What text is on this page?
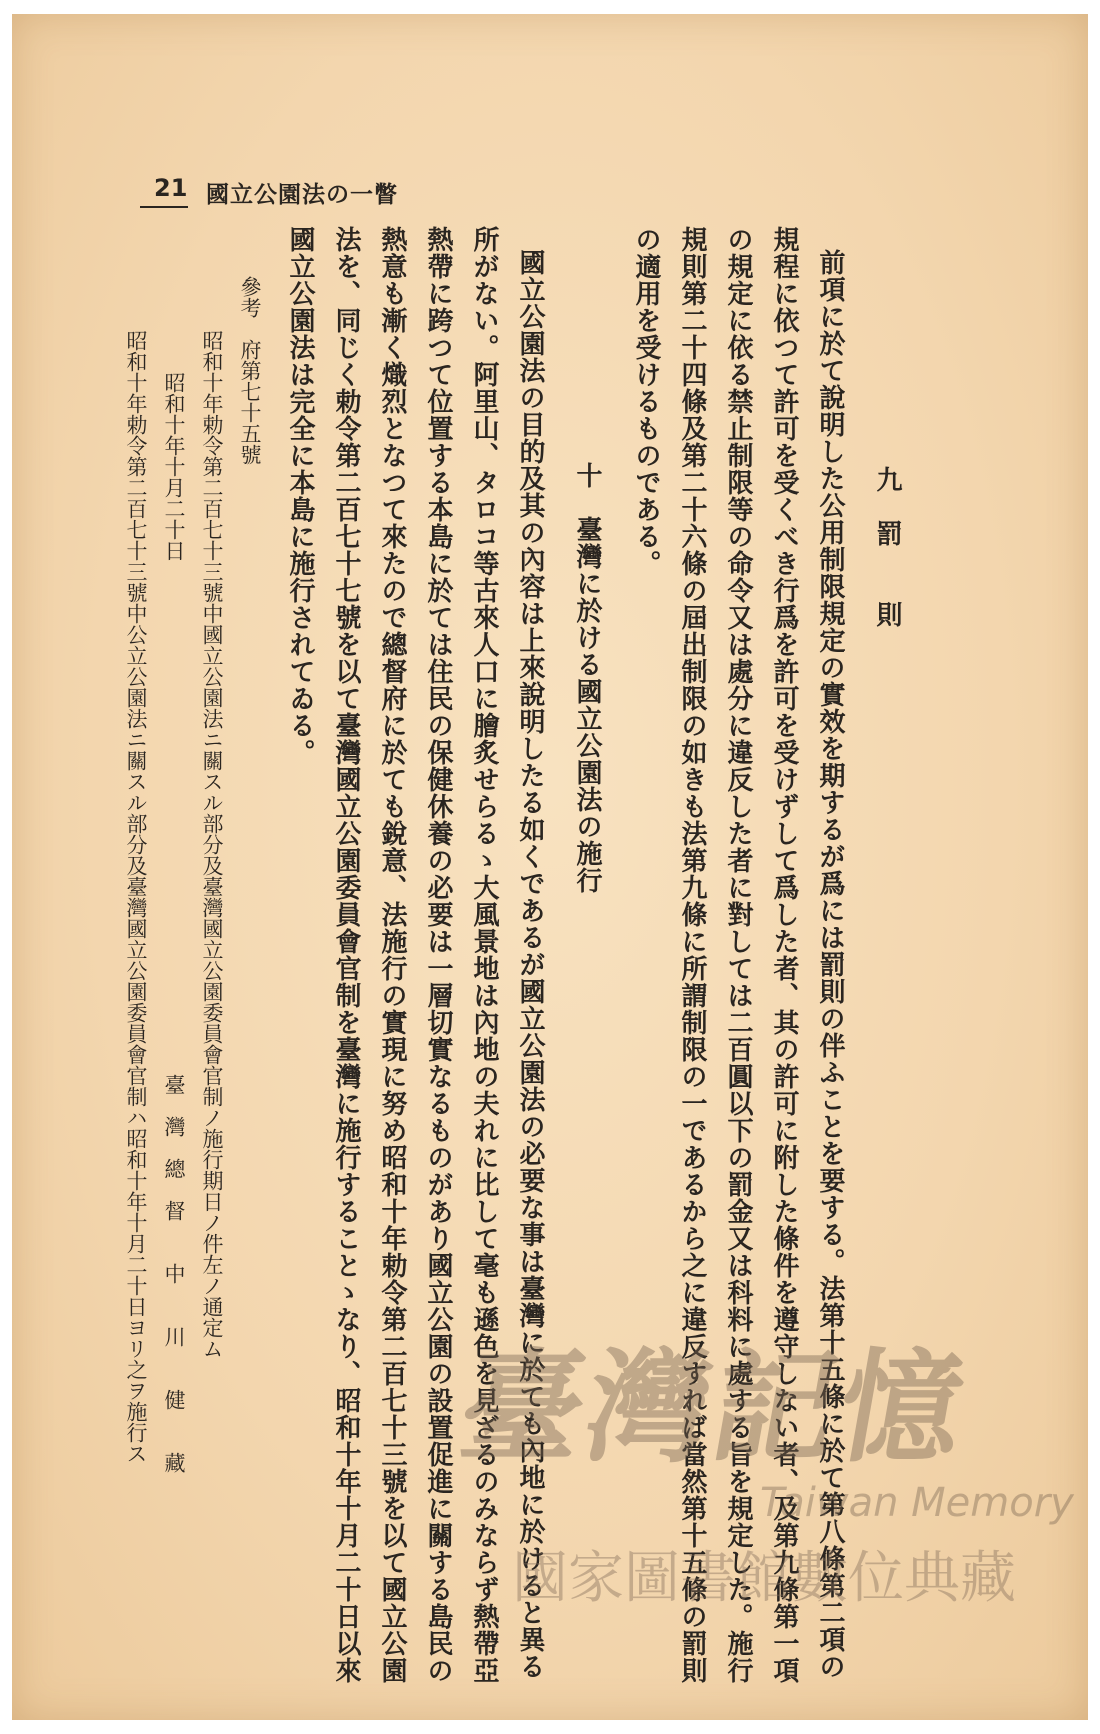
21 國立公園法の一瞥
九　罰　　則
前項に於て說明した公用制限規定の實效を期するが爲には罰則の伴ふことを要する。法第十五條に於て第八條第二項の
規程に依つて許可を受くべき行爲を許可を受けずして爲した者、其の許可に附した條件を遵守しない者、及第九條第一項
の規定に依る禁止制限等の命令又は處分に違反した者に對しては二百圓以下の罰金又は科料に處する旨を規定した。施行
規則第二十四條及第二十六條の屆出制限の如きも法第九條に所謂制限の一であるから之に違反すれば當然第十五條の罰則
の適用を受けるものである。
十　臺灣に於ける國立公園法の施行
國立公園法の目的及其の內容は上來說明したる如くであるが國立公園法の必要な事は臺灣に於ても內地に於けると異る
所がない。阿里山、タロコ等古來人口に膾炙せらるゝ大風景地は內地の夫れに比して毫も遜色を見ざるのみならず熱帶亞
熱帶に跨つて位置する本島に於ては住民の保健休養の必要は一層切實なるものがあり國立公園の設置促進に關する島民の
熱意も漸く熾烈となつて來たので總督府に於ても銳意、法施行の實現に努め昭和十年勅令第二百七十三號を以て國立公園
法を、同じく勅令第二百七十七號を以て臺灣國立公園委員會官制を臺灣に施行することゝなり、昭和十年十月二十日以來
國立公園法は完全に本島に施行されてゐる。
參考　府第七十五號
昭和十年勅令第二百七十三號中國立公園法ニ關スル部分及臺灣國立公園委員會官制ノ施行期日ノ件左ノ通定ム
昭和十年十月二十日
臺　灣　總　督　　中　　川　　健　　藏
昭和十年勅令第二百七十三號中公立公園法ニ關スル部分及臺灣國立公園委員會官制ハ昭和十年十月二十日ヨリ之ヲ施行ス 臺灣記憶
Taiwan Memory
國家圖書館數位典藏
